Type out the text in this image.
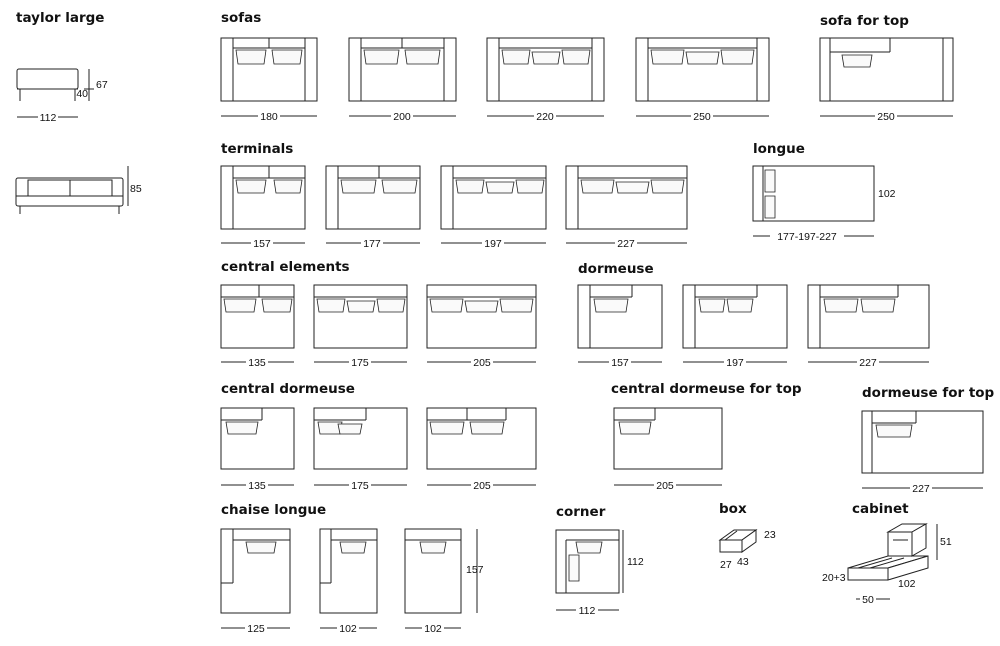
taylor large	sofas	sofa for top
terminals	longue
central elements	dormeuse
central dormeuse	central dormeuse for top	dormeuse for top
chaise longue	corner	box	cabinet
112
67
40
85
180	200	220	250	250
157	177	197	227
177-197-227
102
135	175	205	157	197	227
135	175	205	205	227
125	102	102
157
112
112
23
27 43
51
20+3	102
50
